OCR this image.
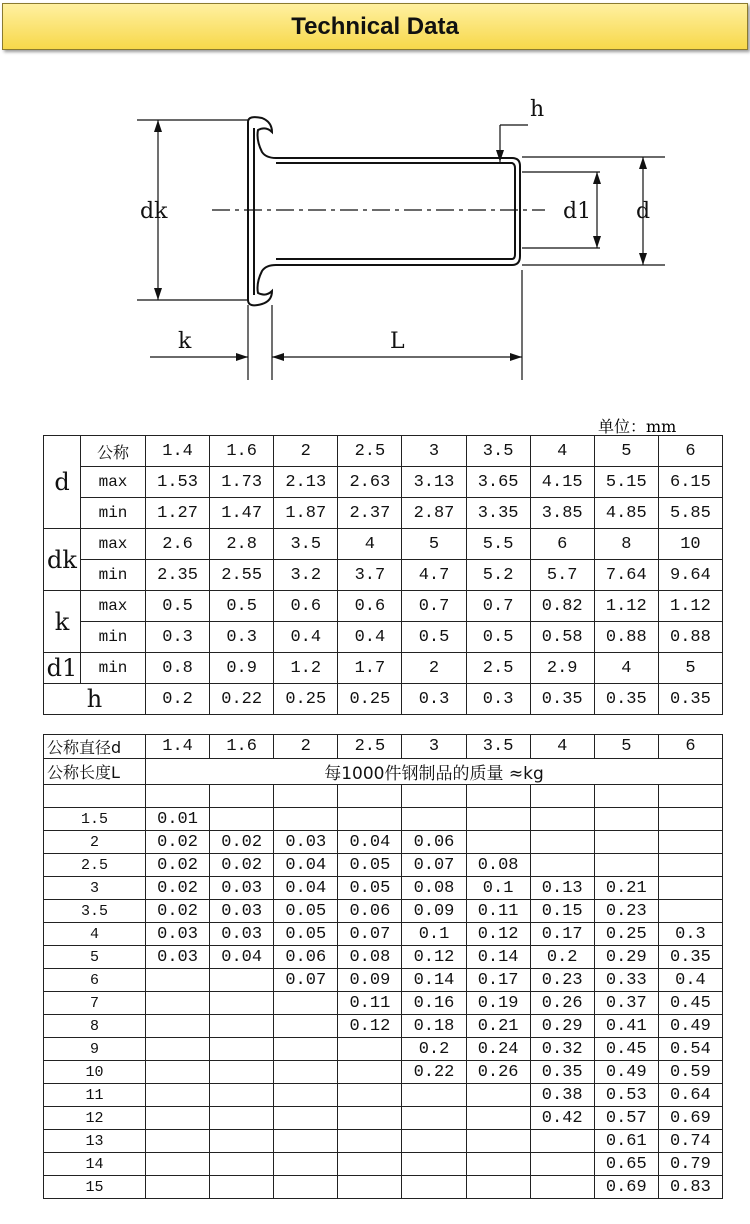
Technical Data
h
dk	d1 d
k	L
单位：mm
d	公称	1.4	1.6	2	2.5	3	3.5	4	5	6
	max	1.53	1.73	2.13	2.63	3.13	3.65	4.15	5.15	6.15
	min	1.27	1.47	1.87	2.37	2.87	3.35	3.85	4.85	5.85
dk	max	2.6	2.8	3.5	4	5	5.5	6	8	10
	min	2.35	2.55	3.2	3.7	4.7	5.2	5.7	7.64	9.64
k	max	0.5	0.5	0.6	0.6	0.7	0.7	0.82	1.12	1.12
	min	0.3	0.3	0.4	0.4	0.5	0.5	0.58	0.88	0.88
d1	min	0.8	0.9	1.2	1.7	2	2.5	2.9	4	5
h		0.2	0.22	0.25	0.25	0.3	0.3	0.35	0.35	0.35
公称直径d	1.4	1.6	2	2.5	3	3.5	4	5	6
公称长度L	每1000件钢制品的质量 ≈kg								

1.5	0.01								
2	0.02	0.02	0.03	0.04	0.06				
2.5	0.02	0.02	0.04	0.05	0.07	0.08			
3	0.02	0.03	0.04	0.05	0.08	0.1	0.13	0.21	
3.5	0.02	0.03	0.05	0.06	0.09	0.11	0.15	0.23	
4	0.03	0.03	0.05	0.07	0.1	0.12	0.17	0.25	0.3
5	0.03	0.04	0.06	0.08	0.12	0.14	0.2	0.29	0.35
6			0.07	0.09	0.14	0.17	0.23	0.33	0.4
7				0.11	0.16	0.19	0.26	0.37	0.45
8				0.12	0.18	0.21	0.29	0.41	0.49
9					0.2	0.24	0.32	0.45	0.54
10					0.22	0.26	0.35	0.49	0.59
11							0.38	0.53	0.64
12							0.42	0.57	0.69
13								0.61	0.74
14								0.65	0.79
15								0.69	0.83
